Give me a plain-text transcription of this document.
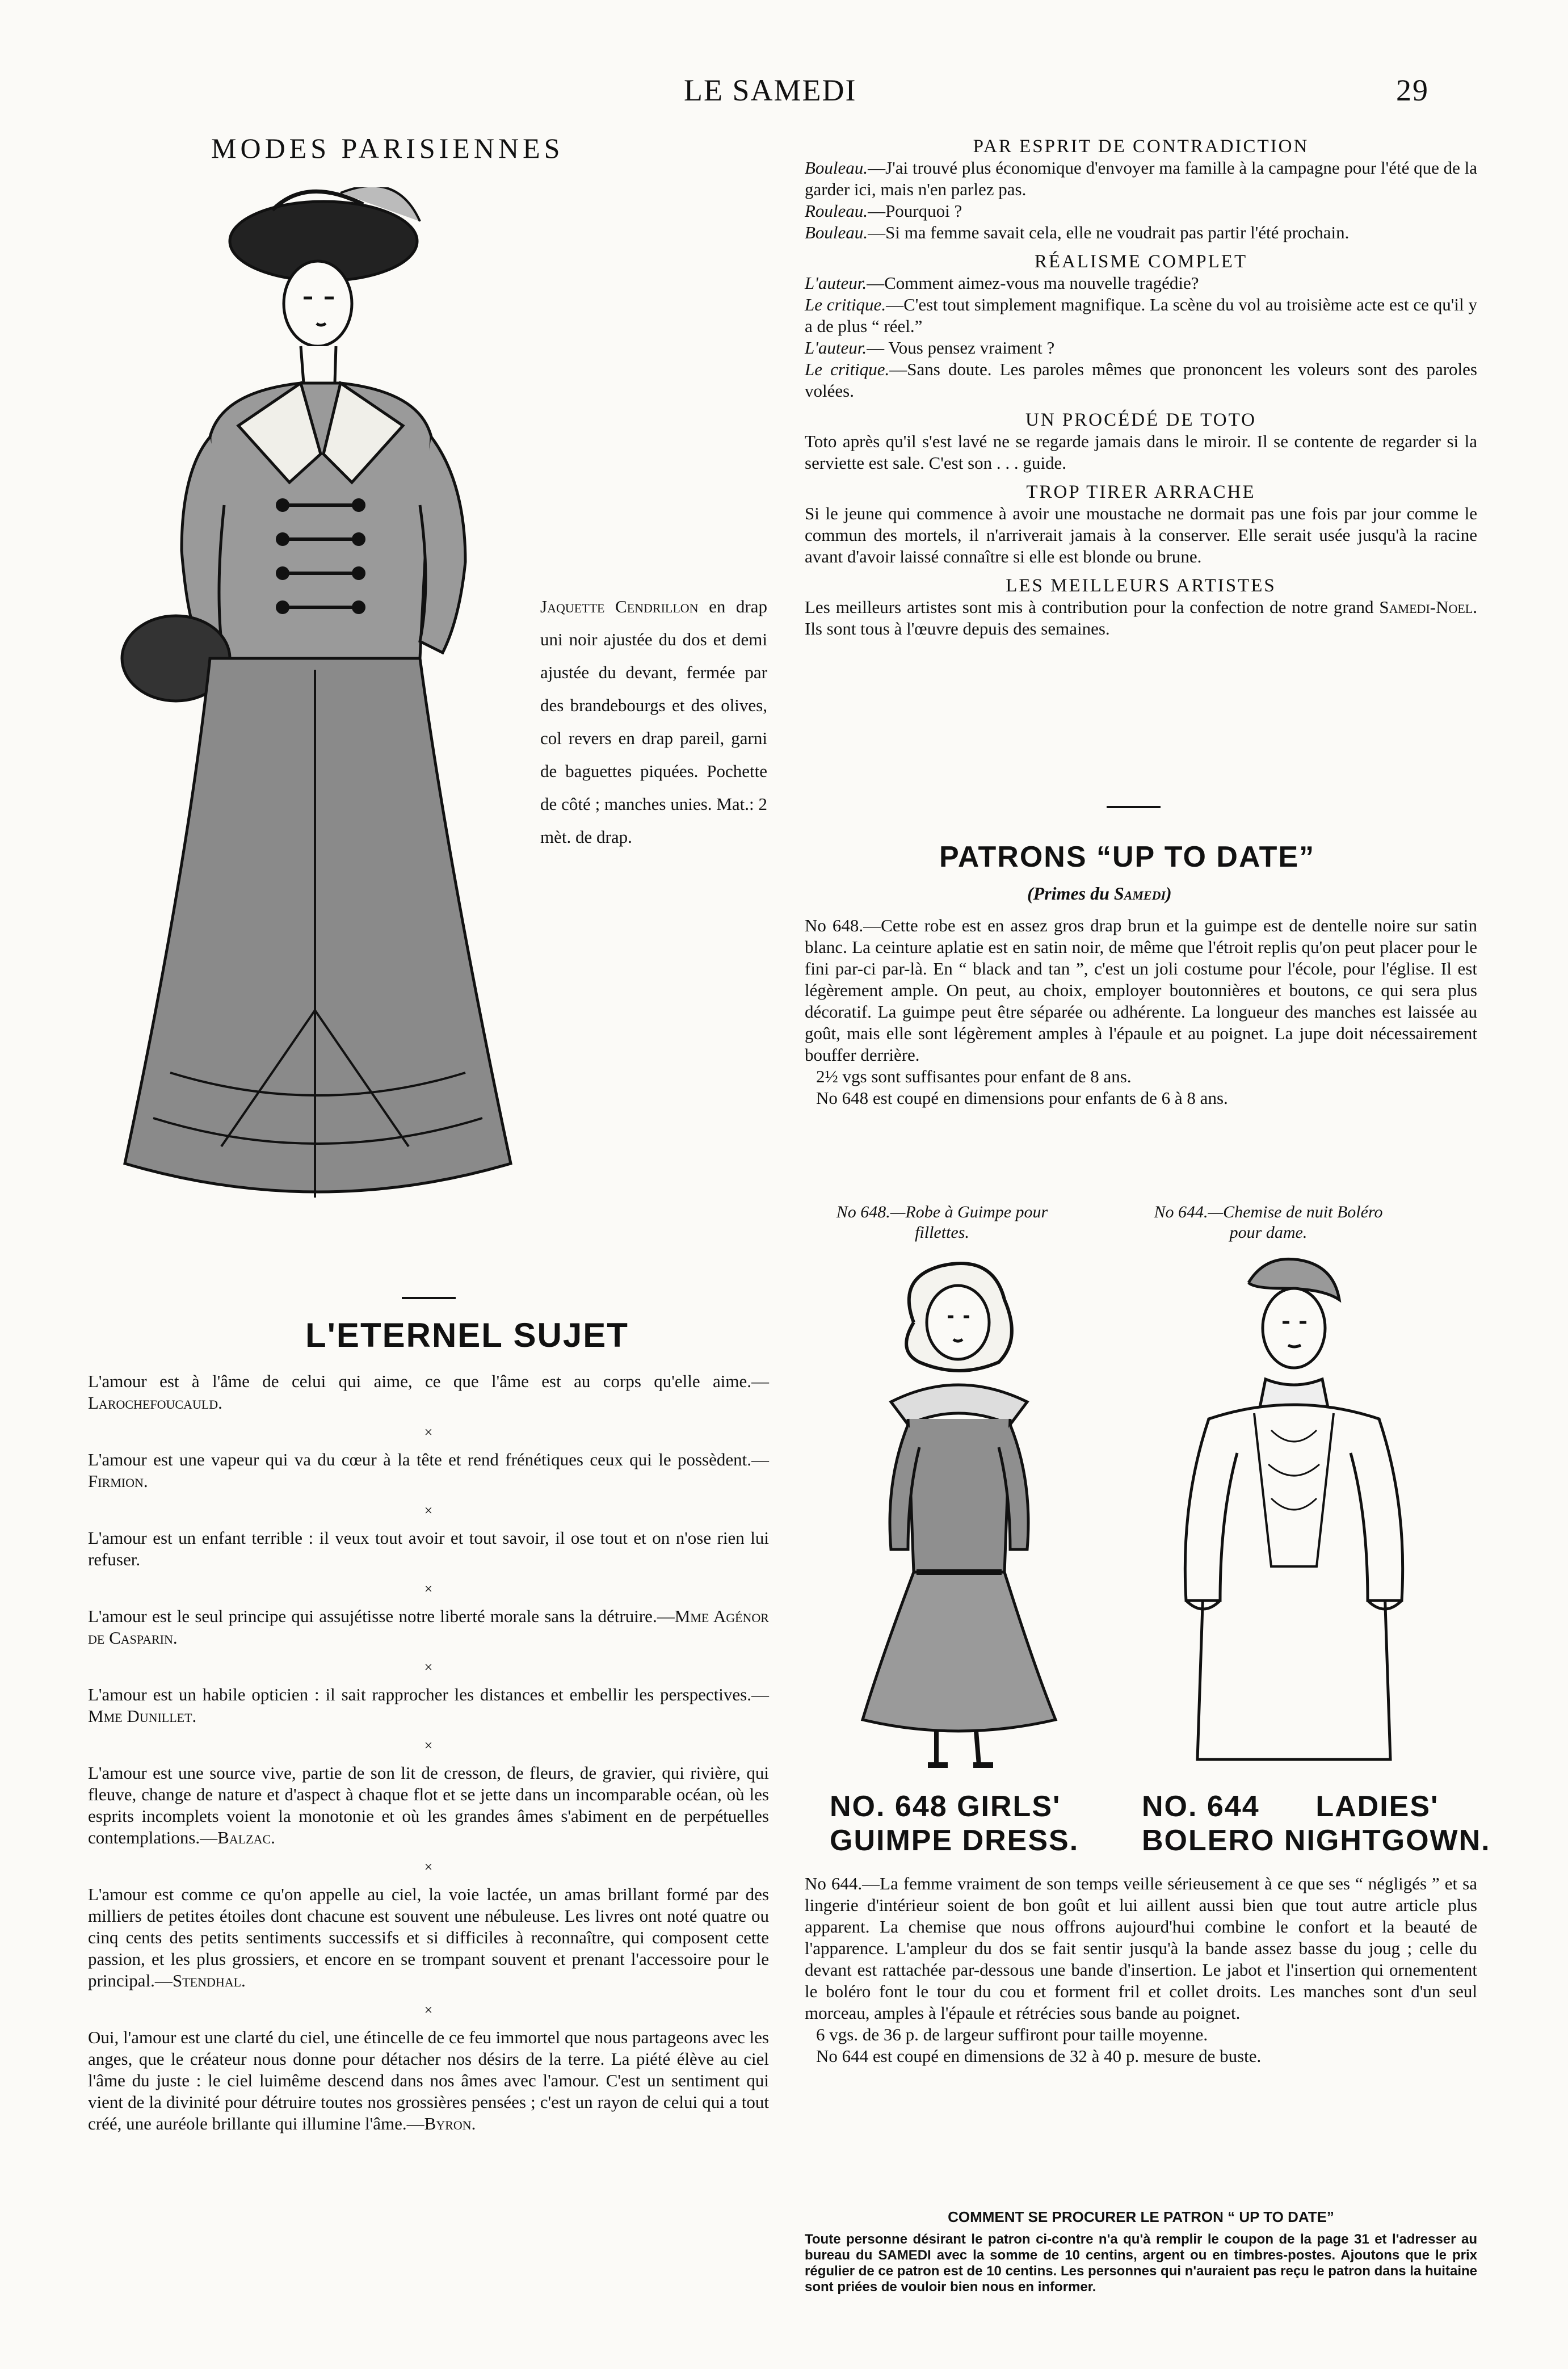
LE SAMEDI	29
MODES PARISIENNES
Jaquette Cendrillon en drap uni noir ajustée du dos et demi ajustée du devant, fermée par des brandebourgs et des olives, col revers en drap pareil, garni de baguettes piquées. Pochette de côté ; manches unies. Mat.: 2 mèt. de drap.
L'ETERNEL SUJET

L'amour est à l'âme de celui qui aime, ce que l'âme est au corps qu'elle aime.—Larochefoucauld.

×

L'amour est une vapeur qui va du cœur à la tête et rend frénétiques ceux qui le possèdent.—Firmion.

×

L'amour est un enfant terrible : il veux tout avoir et tout savoir, il ose tout et on n'ose rien lui refuser.

×

L'amour est le seul principe qui assujétisse notre liberté morale sans la détruire.—Mme Agénor de Casparin.

×

L'amour est un habile opticien : il sait rapprocher les distances et embellir les perspectives.—Mme Dunillet.

×

L'amour est une source vive, partie de son lit de cresson, de fleurs, de gravier, qui rivière, qui fleuve, change de nature et d'aspect à chaque flot et se jette dans un incomparable océan, où les esprits incomplets voient la monotonie et où les grandes âmes s'abiment en de perpétuelles contemplations.—Balzac.

×

L'amour est comme ce qu'on appelle au ciel, la voie lactée, un amas brillant formé par des milliers de petites étoiles dont chacune est souvent une nébuleuse. Les livres ont noté quatre ou cinq cents des petits sentiments successifs et si difficiles à reconnaître, qui composent cette passion, et les plus grossiers, et encore en se trompant souvent et prenant l'accessoire pour le principal.—Stendhal.

×

Oui, l'amour est une clarté du ciel, une étincelle de ce feu immortel que nous partageons avec les anges, que le créateur nous donne pour détacher nos désirs de la terre. La piété élève au ciel l'âme du juste : le ciel luimême descend dans nos âmes avec l'amour. C'est un sentiment qui vient de la divinité pour détruire toutes nos grossières pensées ; c'est un rayon de celui qui a tout créé, une auréole brillante qui illumine l'âme.—Byron.

PAR ESPRIT DE CONTRADICTION

Bouleau.—J'ai trouvé plus économique d'envoyer ma famille à la campagne pour l'été que de la garder ici, mais n'en parlez pas.

Rouleau.—Pourquoi ?

Bouleau.—Si ma femme savait cela, elle ne voudrait pas partir l'été prochain.

RÉALISME COMPLET

L'auteur.—Comment aimez-vous ma nouvelle tragédie?

Le critique.—C'est tout simplement magnifique. La scène du vol au troisième acte est ce qu'il y a de plus “ réel.”

L'auteur.— Vous pensez vraiment ?

Le critique.—Sans doute. Les paroles mêmes que prononcent les voleurs sont des paroles volées.

UN PROCÉDÉ DE TOTO
Toto après qu'il s'est lavé ne se regarde jamais dans le miroir. Il se contente de regarder si la serviette est sale. C'est son . . . guide.
TROP TIRER ARRACHE
Si le jeune qui commence à avoir une moustache ne dormait pas une fois par jour comme le commun des mortels, il n'arriverait jamais à la conserver. Elle serait usée jusqu'à la racine avant d'avoir laissé connaître si elle est blonde ou brune.
LES MEILLEURS ARTISTES
Les meilleurs artistes sont mis à contribution pour la confection de notre grand Samedi-Noel. Ils sont tous à l'œuvre depuis des semaines.
PATRONS “UP TO DATE”
(Primes du Samedi)

No 648.—Cette robe est en assez gros drap brun et la guimpe est de dentelle noire sur satin blanc. La ceinture aplatie est en satin noir, de même que l'étroit replis qu'on peut placer pour le fini par-ci par-là. En “ black and tan ”, c'est un joli costume pour l'école, pour l'église. Il est légèrement ample. On peut, au choix, employer boutonnières et boutons, ce qui sera plus décoratif. La guimpe peut être séparée ou adhérente. La longueur des manches est laissée au goût, mais elle sont légèrement amples à l'épaule et au poignet. La jupe doit nécessairement bouffer derrière.

2½ vgs sont suffisantes pour enfant de 8 ans.

No 648 est coupé en dimensions pour enfants de 6 à 8 ans.

No 648.—Robe à Guimpe pour fillettes.
No 644.—Chemise de nuit Boléro pour dame.
NO. 648 GIRLS'
GUIMPE DRESS.
NO. 644      LADIES'
BOLERO NIGHTGOWN.

No 644.—La femme vraiment de son temps veille sérieusement à ce que ses “ négligés ” et sa lingerie d'intérieur soient de bon goût et lui aillent aussi bien que tout autre article plus apparent. La chemise que nous offrons aujourd'hui combine le confort et la beauté de l'apparence. L'ampleur du dos se fait sentir jusqu'à la bande assez basse du joug ; celle du devant est rattachée par-dessous une bande d'insertion. Le jabot et l'insertion qui ornementent le boléro font le tour du cou et forment fril et collet droits. Les manches sont d'un seul morceau, amples à l'épaule et rétrécies sous bande au poignet.

6 vgs. de 36 p. de largeur suffiront pour taille moyenne.

No 644 est coupé en dimensions de 32 à 40 p. mesure de buste.

COMMENT SE PROCURER LE PATRON “ UP TO DATE”
Toute personne désirant le patron ci-contre n'a qu'à remplir le coupon de la page 31 et l'adresser au bureau du SAMEDI avec la somme de 10 centins, argent ou en timbres-postes. Ajoutons que le prix régulier de ce patron est de 10 centins. Les personnes qui n'auraient pas reçu le patron dans la huitaine sont priées de vouloir bien nous en informer.
